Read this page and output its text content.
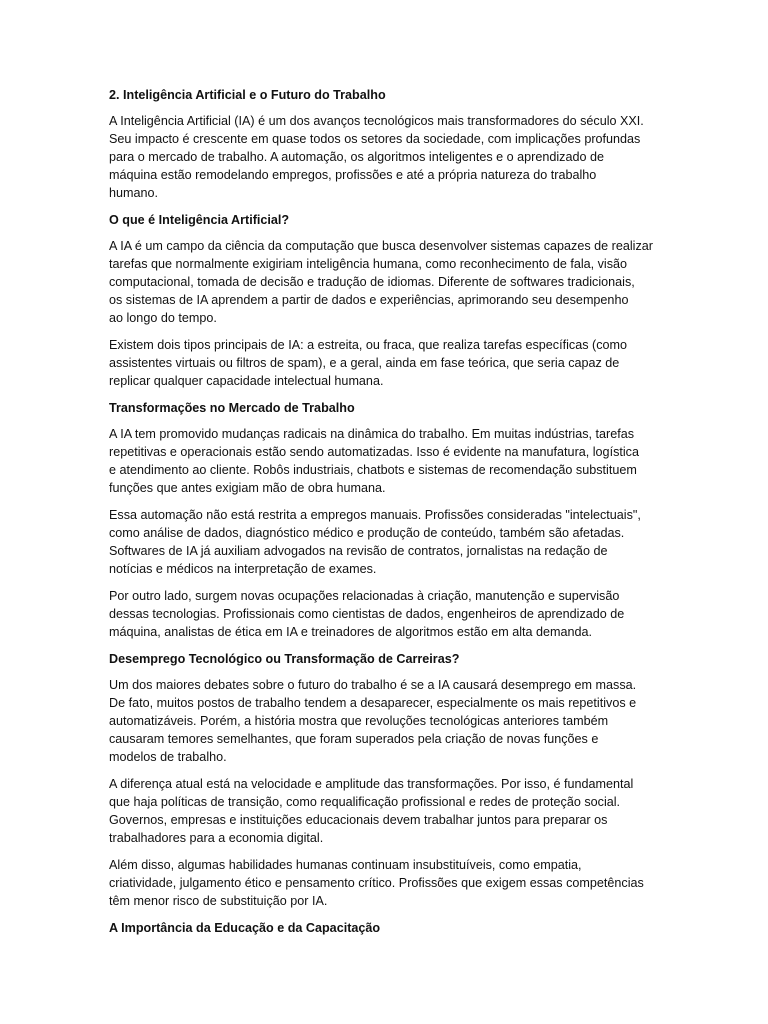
2. Inteligência Artificial e o Futuro do Trabalho

A Inteligência Artificial (IA) é um dos avanços tecnológicos mais transformadores do século XXI.
Seu impacto é crescente em quase todos os setores da sociedade, com implicações profundas
para o mercado de trabalho. A automação, os algoritmos inteligentes e o aprendizado de
máquina estão remodelando empregos, profissões e até a própria natureza do trabalho
humano.

O que é Inteligência Artificial?

A IA é um campo da ciência da computação que busca desenvolver sistemas capazes de realizar
tarefas que normalmente exigiriam inteligência humana, como reconhecimento de fala, visão
computacional, tomada de decisão e tradução de idiomas. Diferente de softwares tradicionais,
os sistemas de IA aprendem a partir de dados e experiências, aprimorando seu desempenho
ao longo do tempo.

Existem dois tipos principais de IA: a estreita, ou fraca, que realiza tarefas específicas (como
assistentes virtuais ou filtros de spam), e a geral, ainda em fase teórica, que seria capaz de
replicar qualquer capacidade intelectual humana.

Transformações no Mercado de Trabalho

A IA tem promovido mudanças radicais na dinâmica do trabalho. Em muitas indústrias, tarefas
repetitivas e operacionais estão sendo automatizadas. Isso é evidente na manufatura, logística
e atendimento ao cliente. Robôs industriais, chatbots e sistemas de recomendação substituem
funções que antes exigiam mão de obra humana.

Essa automação não está restrita a empregos manuais. Profissões consideradas "intelectuais",
como análise de dados, diagnóstico médico e produção de conteúdo, também são afetadas.
Softwares de IA já auxiliam advogados na revisão de contratos, jornalistas na redação de
notícias e médicos na interpretação de exames.

Por outro lado, surgem novas ocupações relacionadas à criação, manutenção e supervisão
dessas tecnologias. Profissionais como cientistas de dados, engenheiros de aprendizado de
máquina, analistas de ética em IA e treinadores de algoritmos estão em alta demanda.

Desemprego Tecnológico ou Transformação de Carreiras?

Um dos maiores debates sobre o futuro do trabalho é se a IA causará desemprego em massa.
De fato, muitos postos de trabalho tendem a desaparecer, especialmente os mais repetitivos e
automatizáveis. Porém, a história mostra que revoluções tecnológicas anteriores também
causaram temores semelhantes, que foram superados pela criação de novas funções e
modelos de trabalho.

A diferença atual está na velocidade e amplitude das transformações. Por isso, é fundamental
que haja políticas de transição, como requalificação profissional e redes de proteção social.
Governos, empresas e instituições educacionais devem trabalhar juntos para preparar os
trabalhadores para a economia digital.

Além disso, algumas habilidades humanas continuam insubstituíveis, como empatia,
criatividade, julgamento ético e pensamento crítico. Profissões que exigem essas competências
têm menor risco de substituição por IA.

A Importância da Educação e da Capacitação
